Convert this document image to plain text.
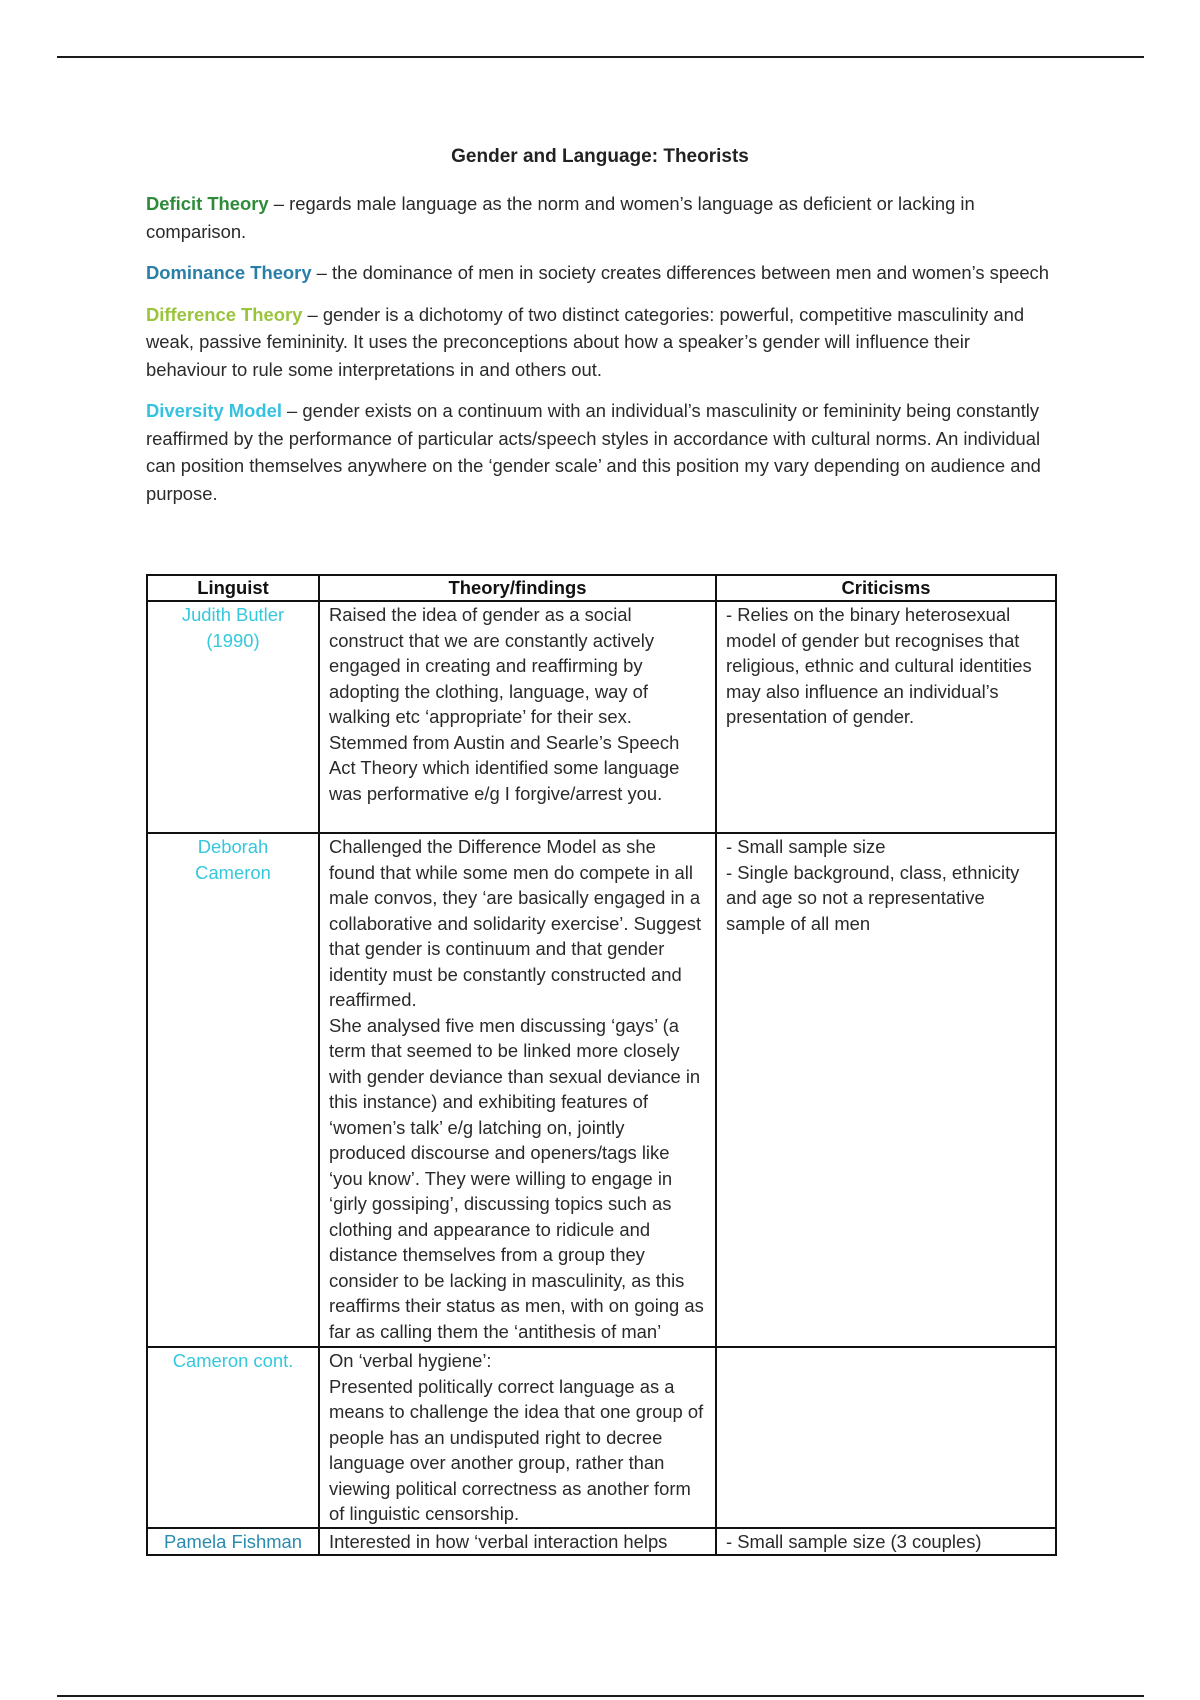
Gender and Language: Theorists

Deficit Theory – regards male language as the norm and women’s language as deficient or lacking in comparison.

Dominance Theory – the dominance of men in society creates differences between men and women’s speech

Difference Theory – gender is a dichotomy of two distinct categories: powerful, competitive masculinity and weak, passive femininity. It uses the preconceptions about how a speaker’s gender will influence their behaviour to rule some interpretations in and others out.

Diversity Model – gender exists on a continuum with an individual’s masculinity or femininity being constantly reaffirmed by the performance of particular acts/speech styles in accordance with cultural norms. An individual can position themselves anywhere on the ‘gender scale’ and this position my vary depending on audience and purpose.

Linguist	Theory/findings	Criticisms

Judith Butler
(1990)	Raised the idea of gender as a social construct that we are constantly actively engaged in creating and reaffirming by adopting the clothing, language, way of walking etc ‘appropriate’ for their sex.
Stemmed from Austin and Searle’s Speech Act Theory which identified some language was performative e/g I forgive/arrest you.	- Relies on the binary heterosexual model of gender but recognises that religious, ethnic and cultural identities may also influence an individual’s presentation of gender.

Deborah
Cameron	Challenged the Difference Model as she found that while some men do compete in all male convos, they ‘are basically engaged in a collaborative and solidarity exercise’. Suggest that gender is continuum and that gender identity must be constantly constructed and reaffirmed.
She analysed five men discussing ‘gays’ (a term that seemed to be linked more closely with gender deviance than sexual deviance in this instance) and exhibiting features of ‘women’s talk’ e/g latching on, jointly produced discourse and openers/tags like ‘you know’. They were willing to engage in ‘girly gossiping’, discussing topics such as clothing and appearance to ridicule and distance themselves from a group they consider to be lacking in masculinity, as this reaffirms their status as men, with on going as far as calling them the ‘antithesis of man’	- Small sample size
- Single background, class, ethnicity and age so not a representative sample of all men

Cameron cont.	On ‘verbal hygiene’:
Presented politically correct language as a means to challenge the idea that one group of people has an undisputed right to decree language over another group, rather than viewing political correctness as another form of linguistic censorship.	

Pamela Fishman	Interested in how ‘verbal interaction helps	- Small sample size (3 couples)
